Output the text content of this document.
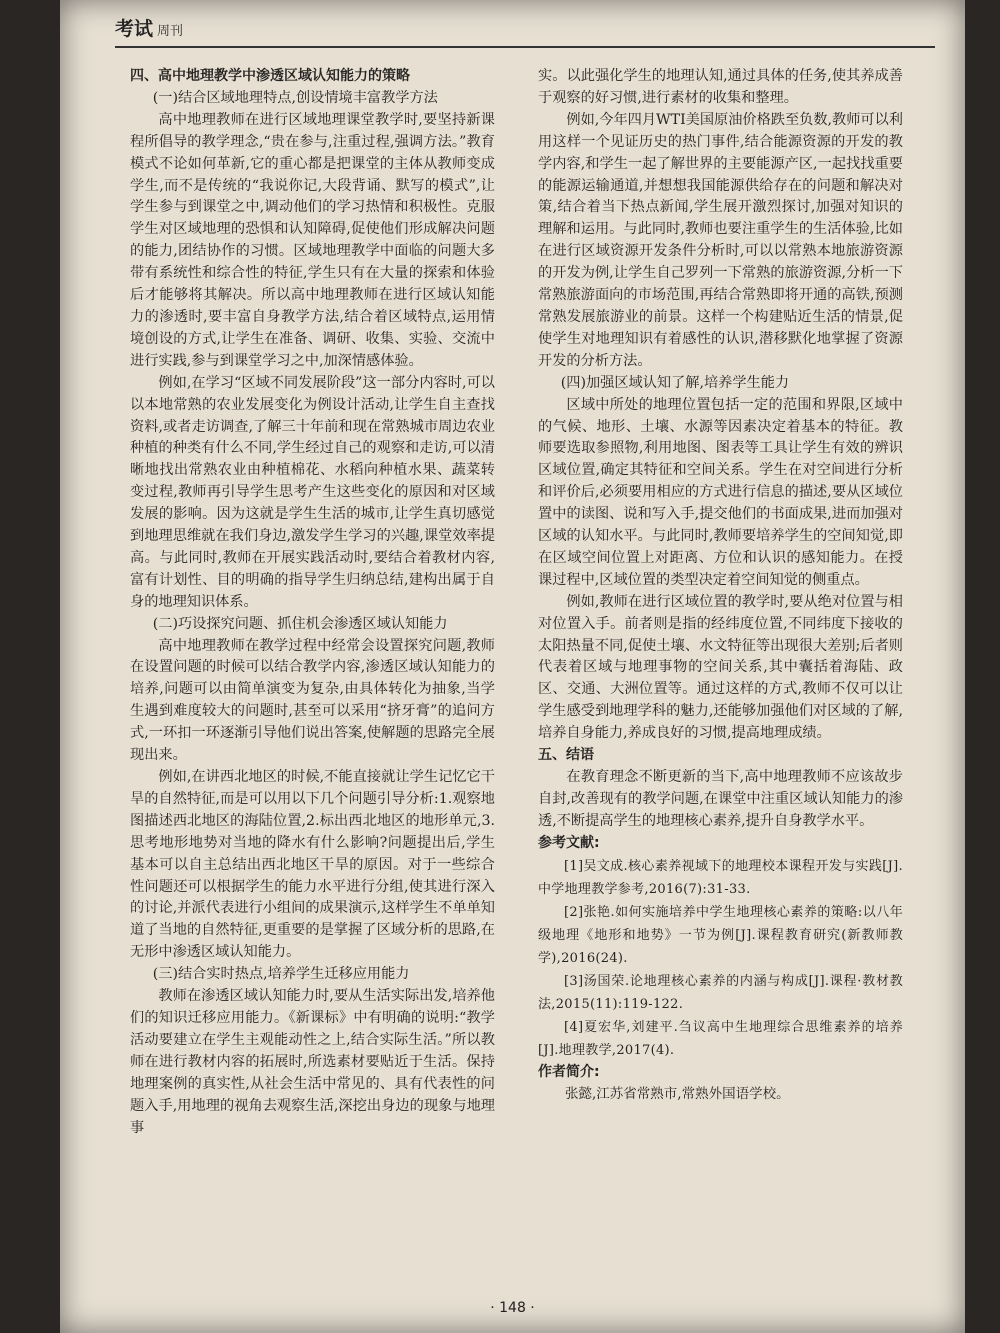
考试 周刊

四、高中地理教学中渗透区域认知能力的策略

(一)结合区域地理特点,创设情境丰富教学方法

高中地理教师在进行区域地理课堂教学时,要坚持新课程所倡导的教学理念,“贵在参与,注重过程,强调方法。”教育模式不论如何革新,它的重心都是把课堂的主体从教师变成学生,而不是传统的“我说你记,大段背诵、默写的模式”,让学生参与到课堂之中,调动他们的学习热情和积极性。克服学生对区域地理的恐惧和认知障碍,促使他们形成解决问题的能力,团结协作的习惯。区域地理教学中面临的问题大多带有系统性和综合性的特征,学生只有在大量的探索和体验后才能够将其解决。所以高中地理教师在进行区域认知能力的渗透时,要丰富自身教学方法,结合着区域特点,运用情境创设的方式,让学生在准备、调研、收集、实验、交流中进行实践,参与到课堂学习之中,加深情感体验。

例如,在学习“区域不同发展阶段”这一部分内容时,可以以本地常熟的农业发展变化为例设计活动,让学生自主查找资料,或者走访调查,了解三十年前和现在常熟城市周边农业种植的种类有什么不同,学生经过自己的观察和走访,可以清晰地找出常熟农业由种植棉花、水稻向种植水果、蔬菜转变过程,教师再引导学生思考产生这些变化的原因和对区域发展的影响。因为这就是学生生活的城市,让学生真切感觉到地理思维就在我们身边,激发学生学习的兴趣,课堂效率提高。与此同时,教师在开展实践活动时,要结合着教材内容,富有计划性、目的明确的指导学生归纳总结,建构出属于自身的地理知识体系。

(二)巧设探究问题、抓住机会渗透区域认知能力

高中地理教师在教学过程中经常会设置探究问题,教师在设置问题的时候可以结合教学内容,渗透区域认知能力的培养,问题可以由简单演变为复杂,由具体转化为抽象,当学生遇到难度较大的问题时,甚至可以采用“挤牙膏”的追问方式,一环扣一环逐渐引导他们说出答案,使解题的思路完全展现出来。

例如,在讲西北地区的时候,不能直接就让学生记忆它干旱的自然特征,而是可以用以下几个问题引导分析:1.观察地图描述西北地区的海陆位置,2.标出西北地区的地形单元,3.思考地形地势对当地的降水有什么影响?问题提出后,学生基本可以自主总结出西北地区干旱的原因。对于一些综合性问题还可以根据学生的能力水平进行分组,使其进行深入的讨论,并派代表进行小组间的成果演示,这样学生不单单知道了当地的自然特征,更重要的是掌握了区域分析的思路,在无形中渗透区域认知能力。

(三)结合实时热点,培养学生迁移应用能力

教师在渗透区域认知能力时,要从生活实际出发,培养他们的知识迁移应用能力。《新课标》中有明确的说明:“教学活动要建立在学生主观能动性之上,结合实际生活。”所以教师在进行教材内容的拓展时,所选素材要贴近于生活。保持地理案例的真实性,从社会生活中常见的、具有代表性的问题入手,用地理的视角去观察生活,深挖出身边的现象与地理事

实。以此强化学生的地理认知,通过具体的任务,使其养成善于观察的好习惯,进行素材的收集和整理。

例如,今年四月WTI美国原油价格跌至负数,教师可以利用这样一个见证历史的热门事件,结合能源资源的开发的教学内容,和学生一起了解世界的主要能源产区,一起找找重要的能源运输通道,并想想我国能源供给存在的问题和解决对策,结合着当下热点新闻,学生展开激烈探讨,加强对知识的理解和运用。与此同时,教师也要注重学生的生活体验,比如在进行区域资源开发条件分析时,可以以常熟本地旅游资源的开发为例,让学生自己罗列一下常熟的旅游资源,分析一下常熟旅游面向的市场范围,再结合常熟即将开通的高铁,预测常熟发展旅游业的前景。这样一个构建贴近生活的情景,促使学生对地理知识有着感性的认识,潜移默化地掌握了资源开发的分析方法。

(四)加强区域认知了解,培养学生能力

区域中所处的地理位置包括一定的范围和界限,区域中的气候、地形、土壤、水源等因素决定着基本的特征。教师要选取参照物,利用地图、图表等工具让学生有效的辨识区域位置,确定其特征和空间关系。学生在对空间进行分析和评价后,必须要用相应的方式进行信息的描述,要从区域位置中的读图、说和写入手,提交他们的书面成果,进而加强对区域的认知水平。与此同时,教师要培养学生的空间知觉,即在区域空间位置上对距离、方位和认识的感知能力。在授课过程中,区域位置的类型决定着空间知觉的侧重点。

例如,教师在进行区域位置的教学时,要从绝对位置与相对位置入手。前者则是指的经纬度位置,不同纬度下接收的太阳热量不同,促使土壤、水文特征等出现很大差别;后者则代表着区域与地理事物的空间关系,其中囊括着海陆、政区、交通、大洲位置等。通过这样的方式,教师不仅可以让学生感受到地理学科的魅力,还能够加强他们对区域的了解,培养自身能力,养成良好的习惯,提高地理成绩。

五、结语

在教育理念不断更新的当下,高中地理教师不应该故步自封,改善现有的教学问题,在课堂中注重区域认知能力的渗透,不断提高学生的地理核心素养,提升自身教学水平。

参考文献:

[1]吴文成.核心素养视域下的地理校本课程开发与实践[J].中学地理教学参考,2016(7):31-33.

[2]张艳.如何实施培养中学生地理核心素养的策略:以八年级地理《地形和地势》一节为例[J].课程教育研究(新教师教学),2016(24).

[3]汤国荣.论地理核心素养的内涵与构成[J].课程·教材教法,2015(11):119-122.

[4]夏宏华,刘建平.刍议高中生地理综合思维素养的培养[J].地理教学,2017(4).

作者简介:

张懿,江苏省常熟市,常熟外国语学校。

· 148 ·
